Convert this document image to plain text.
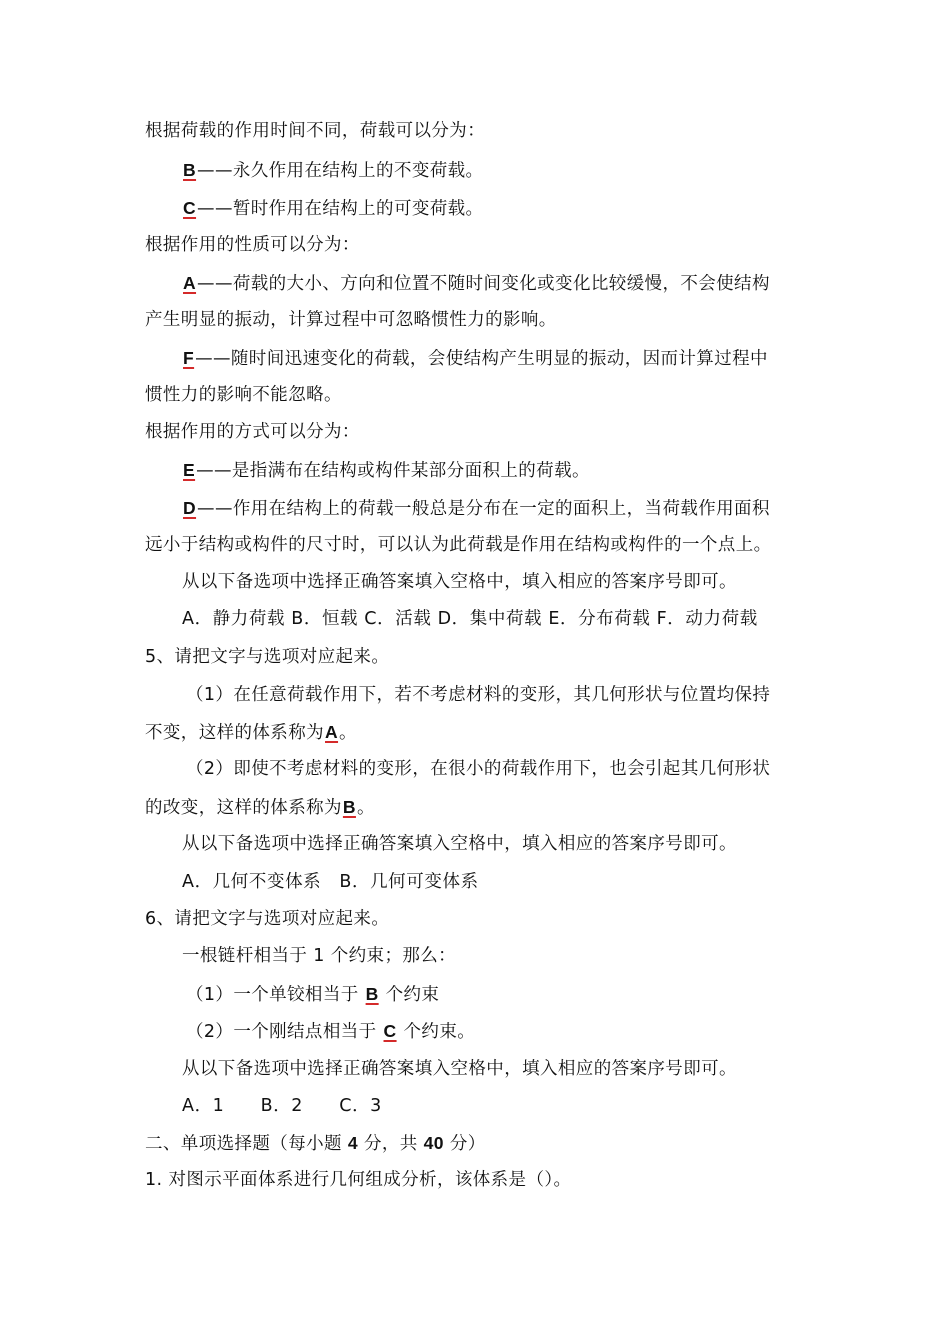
根据荷载的作用时间不同，荷载可以分为：
B——永久作用在结构上的不变荷载。
C——暂时作用在结构上的可变荷载。
根据作用的性质可以分为：
A——荷载的大小、方向和位置不随时间变化或变化比较缓慢，不会使结构
产生明显的振动，计算过程中可忽略惯性力的影响。
F——随时间迅速变化的荷载，会使结构产生明显的振动，因而计算过程中
惯性力的影响不能忽略。
根据作用的方式可以分为：
E——是指满布在结构或构件某部分面积上的荷载。
D——作用在结构上的荷载一般总是分布在一定的面积上，当荷载作用面积
远小于结构或构件的尺寸时，可以认为此荷载是作用在结构或构件的一个点上。
从以下备选项中选择正确答案填入空格中，填入相应的答案序号即可。
A．静力荷载 B．恒载 C．活载 D．集中荷载 E．分布荷载 F．动力荷载
5、请把文字与选项对应起来。
（1）在任意荷载作用下，若不考虑材料的变形，其几何形状与位置均保持
不变，这样的体系称为A。
（2）即使不考虑材料的变形，在很小的荷载作用下，也会引起其几何形状
的改变，这样的体系称为B。
从以下备选项中选择正确答案填入空格中，填入相应的答案序号即可。
A．几何不变体系　B．几何可变体系
6、请把文字与选项对应起来。
一根链杆相当于 1 个约束；那么：
（1）一个单铰相当于 B 个约束
（2）一个刚结点相当于 C 个约束。
从以下备选项中选择正确答案填入空格中，填入相应的答案序号即可。
A．1　　B．2　　C．3
二、单项选择题（每小题 4 分，共 40 分）
1. 对图示平面体系进行几何组成分析，该体系是（）。
